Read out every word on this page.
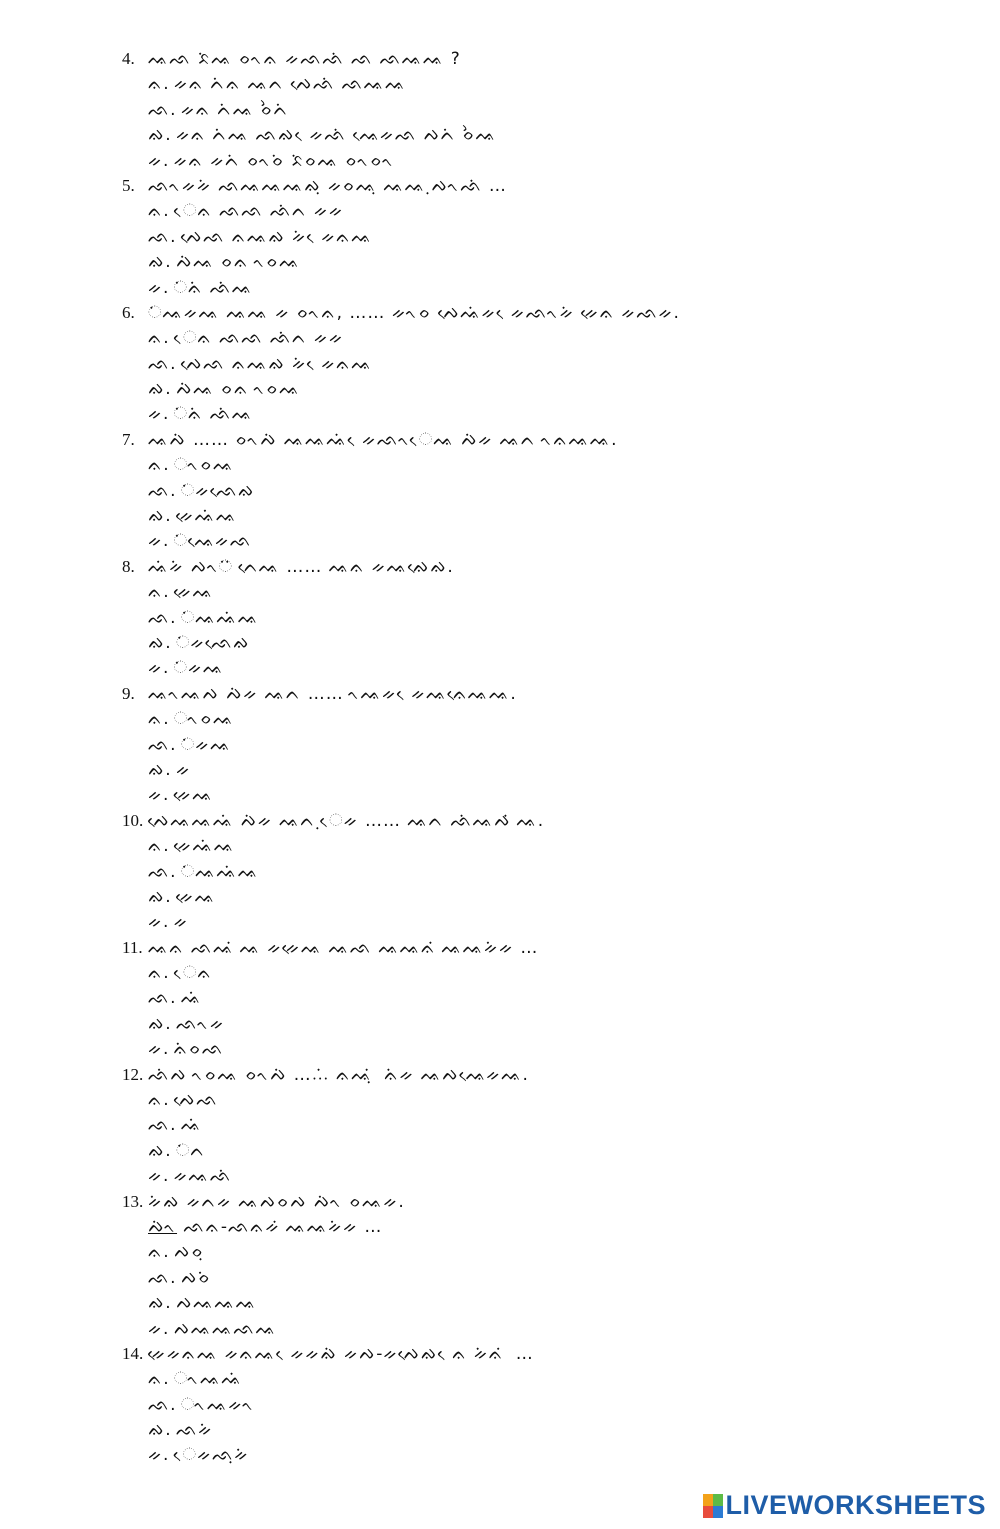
4. ᨕᨒ ᨅᨗᨕ ᨔᨚᨊ ᨀᨒᨒᨗ ᨒ ᨒᨕᨕ ?
ᨊ. ᨀᨊ ᨈᨗᨊ ᨕᨈ ᨄᨙᨒᨗ ᨒᨕᨕ
ᨒ. ᨀᨊ ᨈᨗᨕ ᨔᨛᨈᨗ
ᨁ. ᨀᨊ ᨈᨗᨕ ᨒᨁ ᨙᨀᨒᨗ ᨕᨙᨀᨒ ᨄᨈᨗ ᨔᨛᨕ
ᨀ. ᨀᨊ ᨀᨈᨗ ᨔᨚᨔᨗ ᨅᨗᨔᨕ ᨔᨚᨔᨚ
5. ᨒᨚᨀᨀᨗ ᨒᨕᨕᨕᨁᨘ ᨀᨔᨕᨘ ᨕᨕ ᨘᨄᨚᨒᨗ …
ᨊ. ᨙᨊ ᨒᨒ ᨒᨗᨈ ᨀᨀ
ᨒ. ᨄᨙᨒ ᨊᨕᨁ ᨀᨗ ᨙᨀᨊᨕ
ᨁ. ᨄᨗᨕ ᨔᨊ ᨚᨔᨕ
ᨀ. ᨗᨊᨗ ᨒᨗᨕ
6. ᨗᨕᨀᨕ ᨕᨕ ᨀ ᨔᨚᨊ, …… ᨀᨚᨔ ᨄᨙᨕᨗᨀ ᨙᨀᨒᨚᨀᨗ ᨀᨙᨊ ᨀᨒᨀ.
ᨊ. ᨙᨊ ᨒᨒ ᨒᨗᨈ ᨀᨀ
ᨒ. ᨄᨙᨒ ᨊᨕᨁ ᨀᨗ ᨙᨀᨊᨕ
ᨁ. ᨄᨗᨕ ᨔᨊ ᨚᨔᨕ
ᨀ. ᨗᨊᨗ ᨒᨗᨕ
7. ᨕᨄᨗ …… ᨔᨚᨄᨗ ᨕᨕᨕᨗ ᨙᨀᨒᨚᨙᨕ ᨄᨗᨀ ᨕᨈ ᨚᨊᨕᨕ.
ᨊ. ᨚᨔᨕ
ᨒ. ᨗᨀᨒᨙᨁ
ᨁ. ᨀᨙᨕᨗᨕ
ᨀ. ᨗᨕᨙᨀᨒ
8. ᨕᨗᨀᨗ ᨄᨚᨗ ᨗᨈᨙᨕ …… ᨕᨊ ᨀᨕᨁᨙᨁ.
ᨊ. ᨀᨙᨕ
ᨒ. ᨗᨕᨕᨗᨕ
ᨁ. ᨗᨀᨒᨙᨁ
ᨀ. ᨗᨀᨕ
9. ᨕᨚᨕᨄ ᨄᨗᨀ ᨕᨈ …… ᨚᨕᨀ ᨙᨀᨕᨊᨙᨕᨕ.
ᨊ. ᨚᨔᨕ
ᨒ. ᨗᨀᨕ
ᨁ. ᨀ
ᨀ. ᨀᨙᨕ
10. ᨄᨙᨕᨕᨕᨗ ᨄᨗᨀ ᨕᨈ ᨘᨙᨀ …… ᨕᨈ ᨒᨗᨕᨄ ᨗᨕ.
ᨊ. ᨀᨙᨕᨗᨕ
ᨒ. ᨗᨕᨕᨗᨕ
ᨁ. ᨀᨙᨕ
ᨀ. ᨀ
11. ᨕᨊ ᨒᨕ ᨗᨕ ᨀᨀᨙᨕ ᨕᨒ ᨕᨕᨊ ᨗᨕᨕᨀᨗᨀ …
ᨊ. ᨙᨊ
ᨒ. ᨕᨗ
ᨁ. ᨒᨚᨀ
ᨀ. ᨊᨗᨔᨒ
12. ᨒᨗᨄ ᨚᨔᨕ ᨔᨚᨄᨗ ……ᨗ ᨊᨕᨘ ᨗ ᨊᨗᨀ ᨕᨄᨕᨙᨀᨕ.
ᨊ. ᨄᨙᨒ
ᨒ. ᨕᨗ
ᨁ. ᨗᨈ
ᨀ. ᨀᨕᨒᨗ
13. ᨀᨗᨁ ᨀᨈᨀ ᨕᨄᨔᨄ ᨄᨗᨚ ᨔᨕᨀ.
ᨄᨗᨚ ᨒᨊ-ᨒᨊᨀ ᨗᨕᨕᨀᨗᨀ …
ᨊ. ᨄᨔᨘ
ᨒ. ᨄᨔᨗ
ᨁ. ᨄᨕᨕᨕ
ᨀ. ᨄᨕᨕᨒᨕ
14. ᨀᨙᨀᨊᨕ ᨀᨊᨕ ᨙᨀᨀᨁᨗ ᨀᨄ-ᨀᨄᨙᨁ ᨙᨊ ᨀᨗᨊ ᨗ …
ᨊ. ᨚᨕᨕᨗ
ᨒ. ᨚᨕᨀᨚ
ᨁ. ᨒᨀᨗ
ᨀ. ᨙᨀᨒᨘᨀᨗ
LIVEWORKSHEETS
